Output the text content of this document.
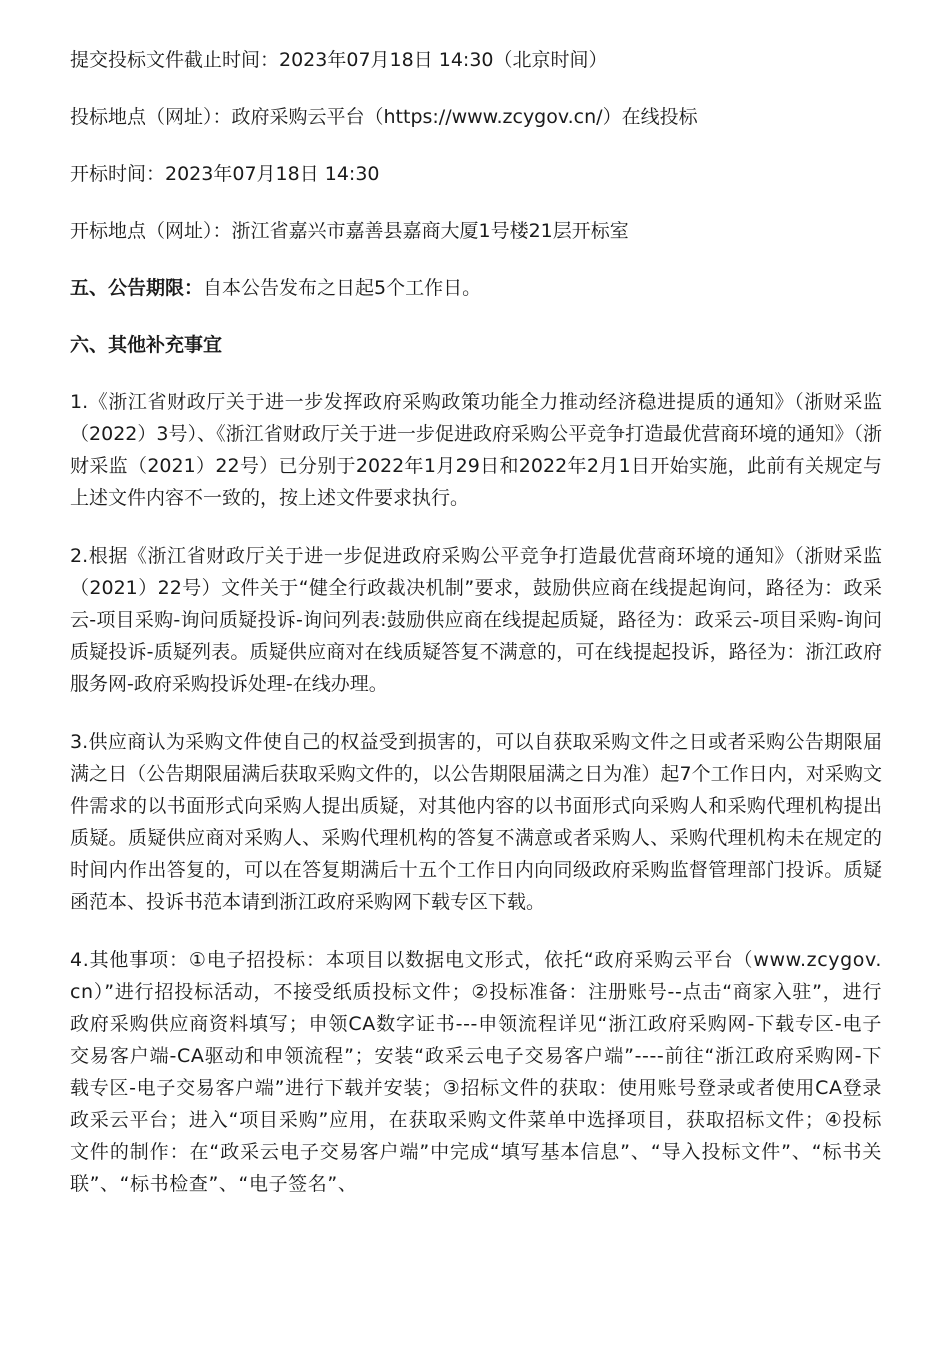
提交投标文件截止时间：2023年07月18日 14:30（北京时间）
投标地点（网址）：政府采购云平台（https://www.zcygov.cn/）在线投标
开标时间：2023年07月18日 14:30
开标地点（网址）：浙江省嘉兴市嘉善县嘉商大厦1号楼21层开标室
五、公告期限：自本公告发布之日起5个工作日。
六、其他补充事宜
1.《浙江省财政厅关于进一步发挥政府采购政策功能全力推动经济稳进提质的通知》（浙财采监（2022）3号）、《浙江省财政厅关于进一步促进政府采购公平竞争打造最优营商环境的通知》（浙财采监（2021）22号）已分别于2022年1月29日和2022年2月1日开始实施，此前有关规定与上述文件内容不一致的，按上述文件要求执行。
2.根据《浙江省财政厅关于进一步促进政府采购公平竞争打造最优营商环境的通知》（浙财采监（2021）22号）文件关于“健全行政裁决机制”要求，鼓励供应商在线提起询问，路径为：政采云-项目采购-询问质疑投诉-询问列表:鼓励供应商在线提起质疑，路径为：政采云-项目采购-询问质疑投诉-质疑列表。质疑供应商对在线质疑答复不满意的，可在线提起投诉，路径为：浙江政府服务网-政府采购投诉处理-在线办理。
3.供应商认为采购文件使自己的权益受到损害的，可以自获取采购文件之日或者采购公告期限届满之日（公告期限届满后获取采购文件的，以公告期限届满之日为准）起7个工作日内，对采购文件需求的以书面形式向采购人提出质疑，对其他内容的以书面形式向采购人和采购代理机构提出质疑。质疑供应商对采购人、采购代理机构的答复不满意或者采购人、采购代理机构未在规定的时间内作出答复的，可以在答复期满后十五个工作日内向同级政府采购监督管理部门投诉。质疑函范本、投诉书范本请到浙江政府采购网下载专区下载。
4.其他事项：①电子招投标：本项目以数据电文形式，依托“政府采购云平台（www.zcygov.cn）”进行招投标活动，不接受纸质投标文件；②投标准备：注册账号--点击“商家入驻”，进行政府采购供应商资料填写；申领CA数字证书---申领流程详见“浙江政府采购网-下载专区-电子交易客户端-CA驱动和申领流程”；安装“政采云电子交易客户端”----前往“浙江政府采购网-下载专区-电子交易客户端”进行下载并安装；③招标文件的获取：使用账号登录或者使用CA登录政采云平台；进入“项目采购”应用，在获取采购文件菜单中选择项目，获取招标文件；④投标文件的制作：在“政采云电子交易客户端”中完成“填写基本信息”、“导入投标文件”、“标书关联”、“标书检查”、“电子签名”、
